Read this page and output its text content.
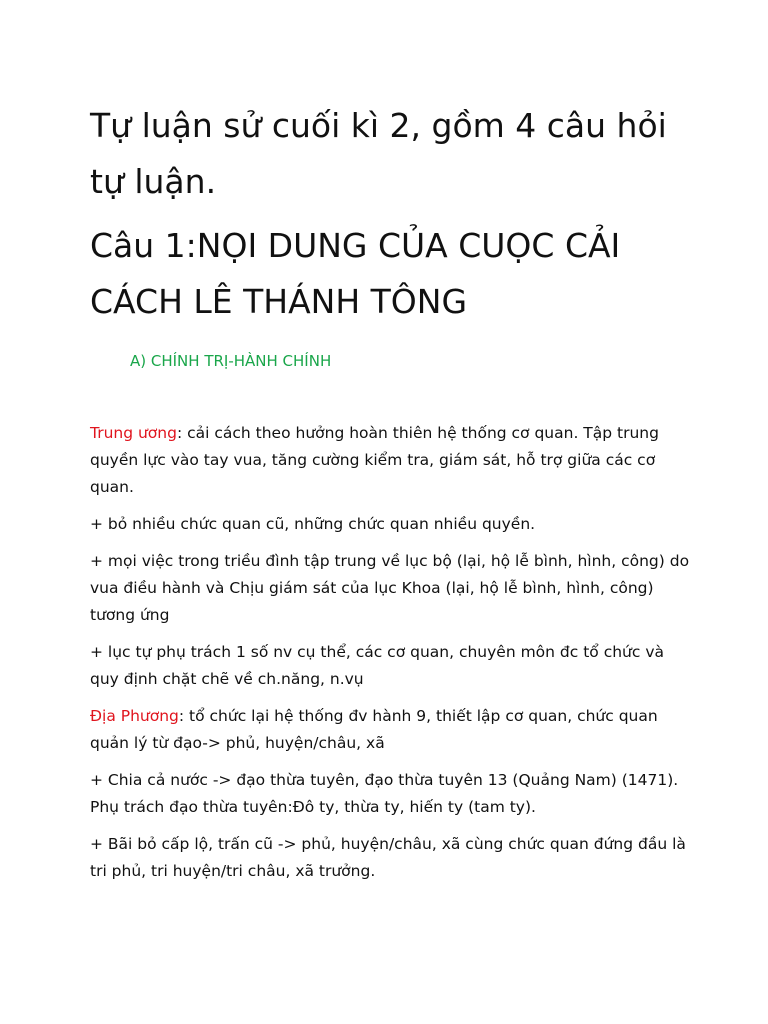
Tự luận sử cuối kì 2, gồm 4 câu hỏi tự luận.
Câu 1:NỌI DUNG CỦA CUỌC CẢI CÁCH LÊ THÁNH TÔNG
A) CHÍNH TRỊ-HÀNH CHÍNH

Trung ương: cải cách theo hưởng hoàn thiên hệ thống cơ quan. Tập trung quyền lực vào tay vua, tăng cường kiểm tra, giám sát, hỗ trợ giữa các cơ quan.

+ bỏ nhiều chức quan cũ, những chức quan nhiều quyền.

+ mọi việc trong triều đình tập trung về lục bộ (lại, hộ lễ bình, hình, công) do vua điều hành và Chịu giám sát của lục Khoa (lại, hộ lễ bình, hình, công) tương ứng

+ lục tự phụ trách 1 số nv cụ thể, các cơ quan, chuyên môn đc tổ chức và quy định chặt chẽ về ch.năng, n.vụ

Địa Phương: tổ chức lại hệ thống đv hành 9, thiết lập cơ quan, chức quan quản lý từ đạo-> phủ, huyện/châu, xã

+ Chia cả nước -> đạo thừa tuyên, đạo thừa tuyên 13 (Quảng Nam) (1471). Phụ trách đạo thừa tuyên:Đô ty, thừa ty, hiến ty (tam ty).

+ Bãi bỏ cấp lộ, trấn cũ -> phủ, huyện/châu, xã cùng chức quan đứng đầu là tri phủ, tri huyện/tri châu, xã trưởng.
